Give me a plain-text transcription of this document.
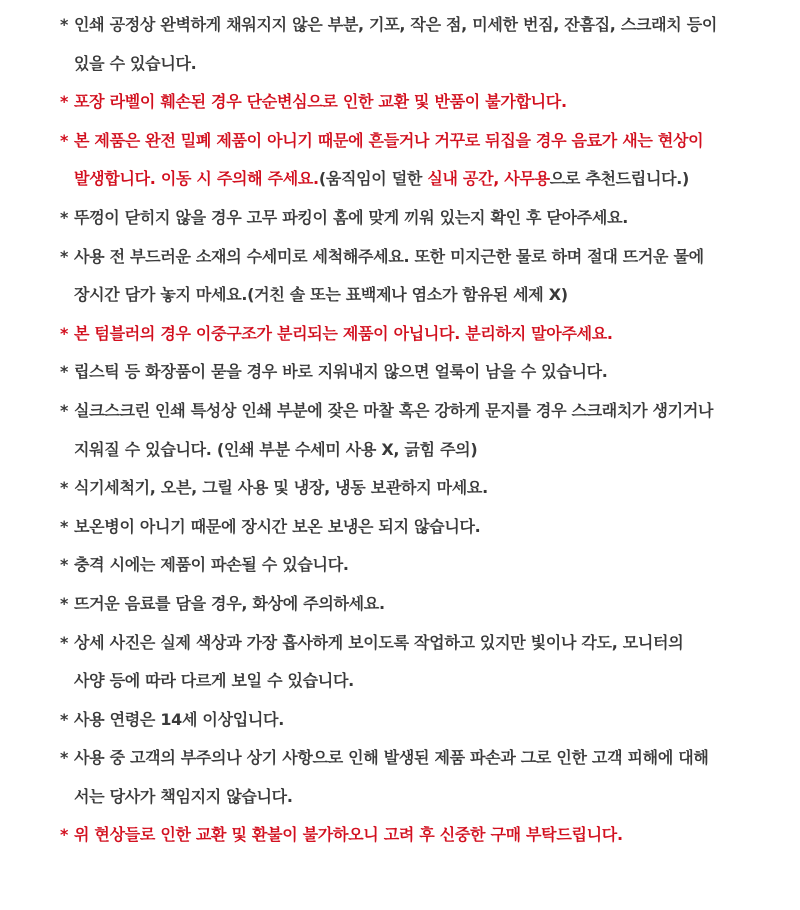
* 인쇄 공정상 완벽하게 채워지지 않은 부분, 기포, 작은 점, 미세한 번짐, 잔흠집, 스크래치 등이
있을 수 있습니다.
* 포장 라벨이 훼손된 경우 단순변심으로 인한 교환 및 반품이 불가합니다.
* 본 제품은 완전 밀폐 제품이 아니기 때문에 흔들거나 거꾸로 뒤집을 경우 음료가 새는 현상이
발생합니다. 이동 시 주의해 주세요.(움직임이 덜한 실내 공간, 사무용으로 추천드립니다.)
* 뚜껑이 닫히지 않을 경우 고무 파킹이 홈에 맞게 끼워 있는지 확인 후 닫아주세요.
* 사용 전 부드러운 소재의 수세미로 세척해주세요. 또한 미지근한 물로 하며 절대 뜨거운 물에
장시간 담가 놓지 마세요.(거친 솔 또는 표백제나 염소가 함유된 세제 X)
* 본 텀블러의 경우 이중구조가 분리되는 제품이 아닙니다. 분리하지 말아주세요.
* 립스틱 등 화장품이 묻을 경우 바로 지워내지 않으면 얼룩이 남을 수 있습니다.
* 실크스크린 인쇄 특성상 인쇄 부분에 잦은 마찰 혹은 강하게 문지를 경우 스크래치가 생기거나
지워질 수 있습니다. (인쇄 부분 수세미 사용 X, 긁힘 주의)
* 식기세척기, 오븐, 그릴 사용 및 냉장, 냉동 보관하지 마세요.
* 보온병이 아니기 때문에 장시간 보온 보냉은 되지 않습니다.
* 충격 시에는 제품이 파손될 수 있습니다.
* 뜨거운 음료를 담을 경우, 화상에 주의하세요.
* 상세 사진은 실제 색상과 가장 흡사하게 보이도록 작업하고 있지만 빛이나 각도, 모니터의
사양 등에 따라 다르게 보일 수 있습니다.
* 사용 연령은 14세 이상입니다.
* 사용 중 고객의 부주의나 상기 사항으로 인해 발생된 제품 파손과 그로 인한 고객 피해에 대해
서는 당사가 책임지지 않습니다.
* 위 현상들로 인한 교환 및 환불이 불가하오니 고려 후 신중한 구매 부탁드립니다.
